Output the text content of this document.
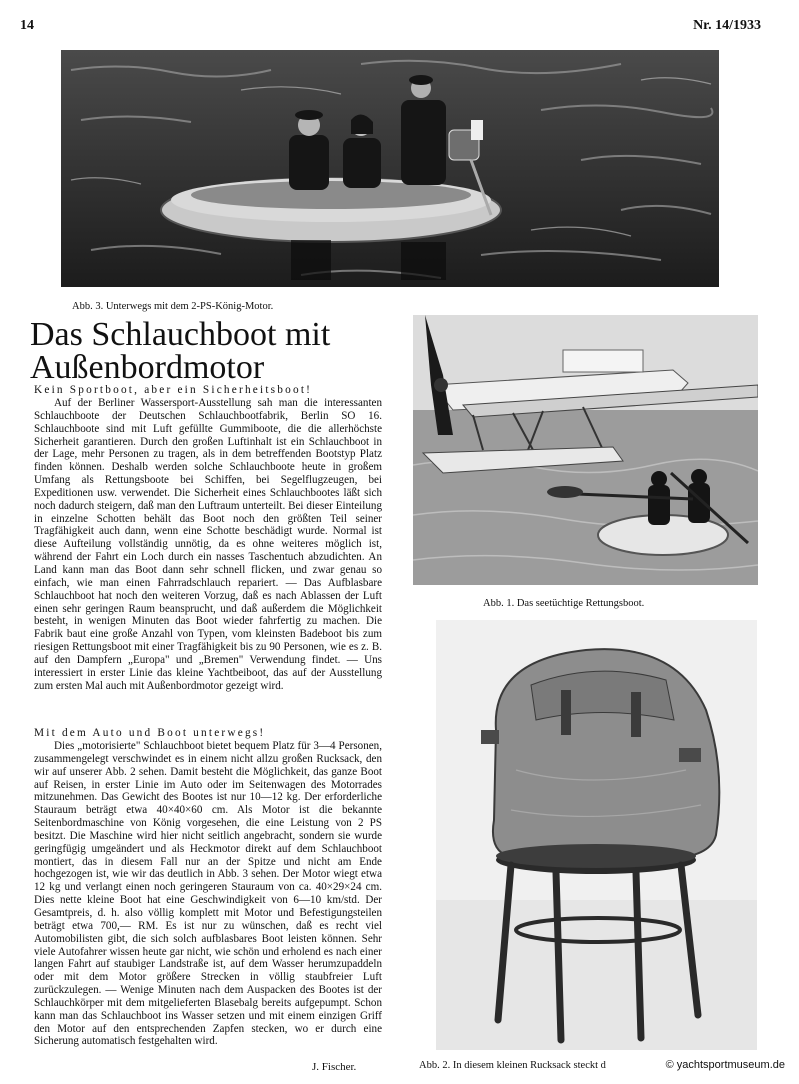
14	Nr. 14/1933
Abb. 3. Unterwegs mit dem 2-PS-König-Motor.
Das Schlauchboot mit
Außenbordmotor
Kein Sportboot, aber ein Sicherheitsboot!
Auf der Berliner Wassersport-Ausstellung sah man die interessanten Schlauchboote der Deutschen Schlauchbootfabrik, Berlin SO 16. Schlauchboote sind mit Luft gefüllte Gummiboote, die die allerhöchste Sicherheit garantieren. Durch den großen Luftinhalt ist ein Schlauchboot in der Lage, mehr Personen zu tragen, als in dem betreffenden Bootstyp Platz finden können. Deshalb werden solche Schlauchboote heute in großem Umfang als Rettungsboote bei Schiffen, bei Segelflugzeugen, bei Expeditionen usw. verwendet. Die Sicherheit eines Schlauchbootes läßt sich noch dadurch steigern, daß man den Luftraum unterteilt. Bei dieser Einteilung in einzelne Schotten behält das Boot noch den größten Teil seiner Tragfähigkeit auch dann, wenn eine Schotte beschädigt wurde. Normal ist diese Aufteilung vollständig unnötig, da es ohne weiteres möglich ist, während der Fahrt ein Loch durch ein nasses Taschentuch abzudichten. An Land kann man das Boot dann sehr schnell flicken, und zwar genau so einfach, wie man einen Fahrradschlauch repariert. — Das Aufblasbare Schlauchboot hat noch den weiteren Vorzug, daß es nach Ablassen der Luft einen sehr geringen Raum beansprucht, und daß außerdem die Möglichkeit besteht, in wenigen Minuten das Boot wieder fahrfertig zu machen. Die Fabrik baut eine große Anzahl von Typen, vom kleinsten Badeboot bis zum riesigen Rettungsboot mit einer Tragfähigkeit bis zu 90 Personen, wie es z. B. auf den Dampfern „Europa" und „Bremen" Verwendung findet. — Uns interessiert in erster Linie das kleine Yachtbeiboot, das auf der Ausstellung zum ersten Mal auch mit Außenbordmotor gezeigt wird.
Mit dem Auto und Boot unterwegs!
Dies „motorisierte" Schlauchboot bietet bequem Platz für 3—4 Personen, zusammengelegt verschwindet es in einem nicht allzu großen Rucksack, den wir auf unserer Abb. 2 sehen. Damit besteht die Möglichkeit, das ganze Boot auf Reisen, in erster Linie im Auto oder im Seitenwagen des Motorrades mitzunehmen. Das Gewicht des Bootes ist nur 10—12 kg. Der erforderliche Stauraum beträgt etwa 40×40×60 cm. Als Motor ist die bekannte Seitenbordmaschine von König vorgesehen, die eine Leistung von 2 PS besitzt. Die Maschine wird hier nicht seitlich angebracht, sondern sie wurde geringfügig umgeändert und als Heckmotor direkt auf dem Schlauchboot montiert, das in diesem Fall nur an der Spitze und nicht am Ende hochgezogen ist, wie wir das deutlich in Abb. 3 sehen. Der Motor wiegt etwa 12 kg und verlangt einen noch geringeren Stauraum von ca. 40×29×24 cm. Dies nette kleine Boot hat eine Geschwindigkeit von 6—10 km/std. Der Gesamtpreis, d. h. also völlig komplett mit Motor und Befestigungsteilen beträgt etwa 700,— RM. Es ist nur zu wünschen, daß es recht viel Automobilisten gibt, die sich solch aufblasbares Boot leisten können. Sehr viele Autofahrer wissen heute gar nicht, wie schön und erholend es nach einer langen Fahrt auf staubiger Landstraße ist, auf dem Wasser herumzupaddeln oder mit dem Motor größere Strecken in völlig staubfreier Luft zurückzulegen. — Wenige Minuten nach dem Auspacken des Bootes ist der Schlauchkörper mit dem mitgelieferten Blasebalg bereits aufgepumpt. Schon kann man das Schlauchboot ins Wasser setzen und mit einem einzigen Griff den Motor auf den entsprechenden Zapfen stecken, wo er durch eine Sicherung automatisch festgehalten wird.
J. Fischer.
Abb. 1. Das seetüchtige Rettungsboot.
Abb. 2. In diesem kleinen Rucksack steckt d	© yachtsportmuseum.de
